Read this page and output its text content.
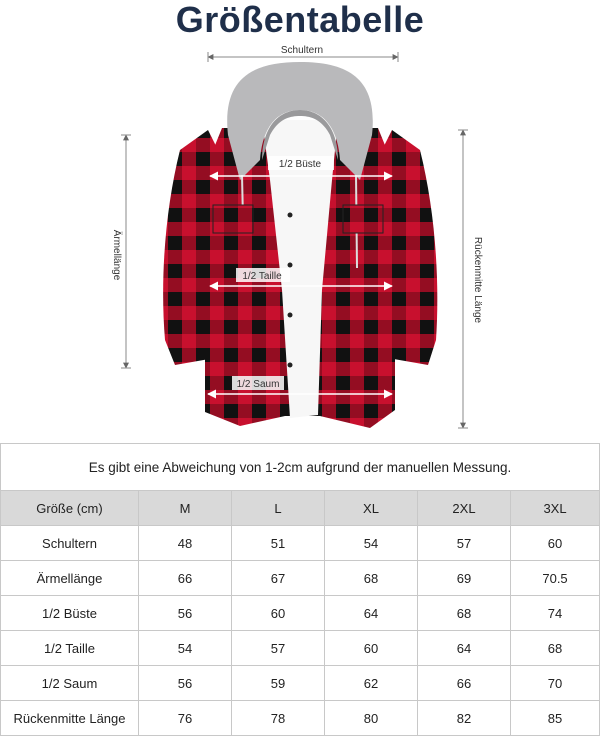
Größentabelle
Schultern
Ärmellänge	Rückenmitte Länge
1/2 Büste
1/2 Taille
1/2 Saum
Es gibt eine Abweichung von 1-2cm aufgrund der manuellen Messung.					
Größe (cm)	M	L	XL	2XL	3XL
Schultern	48	51	54	57	60
Ärmellänge	66	67	68	69	70.5
1/2 Büste	56	60	64	68	74
1/2 Taille	54	57	60	64	68
1/2 Saum	56	59	62	66	70
Rückenmitte Länge	76	78	80	82	85
